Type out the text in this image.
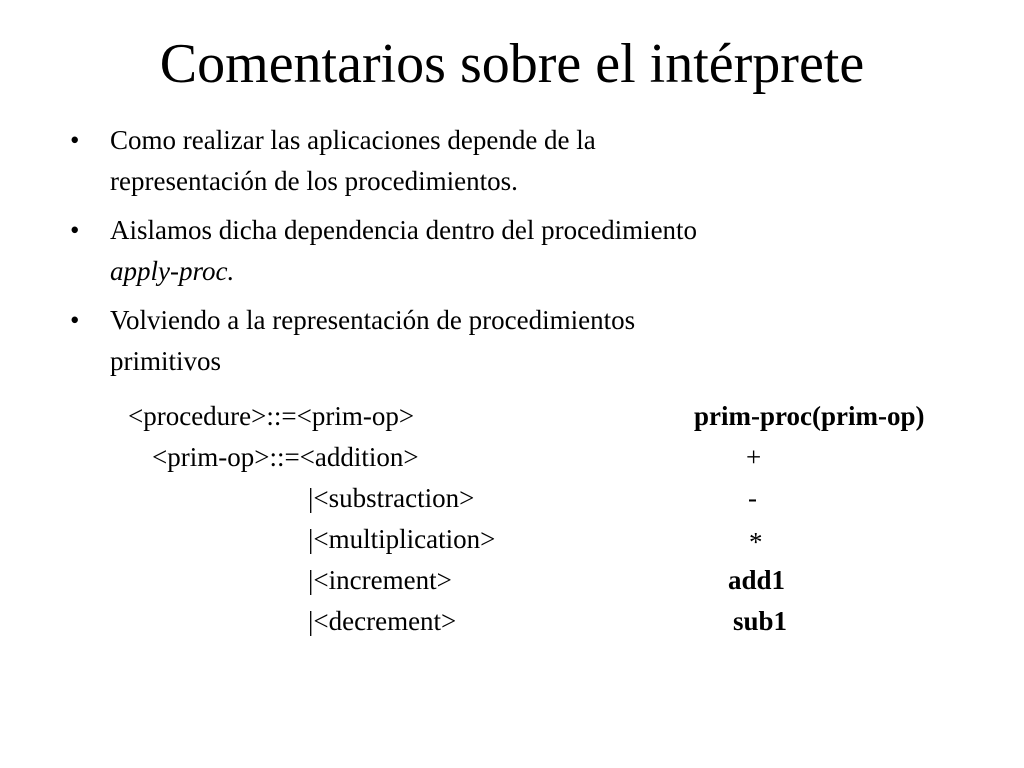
Comentarios sobre el intérprete
•	Como realizar las aplicaciones depende de la
representación de los procedimientos.
•	Aislamos dicha dependencia dentro del procedimiento
apply-proc.
•	Volviendo a la representación de procedimientos
primitivos
<procedure>::=<prim-op>	prim-proc(prim-op)
<prim-op>::=<addition>	+
|<substraction>	-
|<multiplication>	*
|<increment>	add1
|<decrement>	sub1
